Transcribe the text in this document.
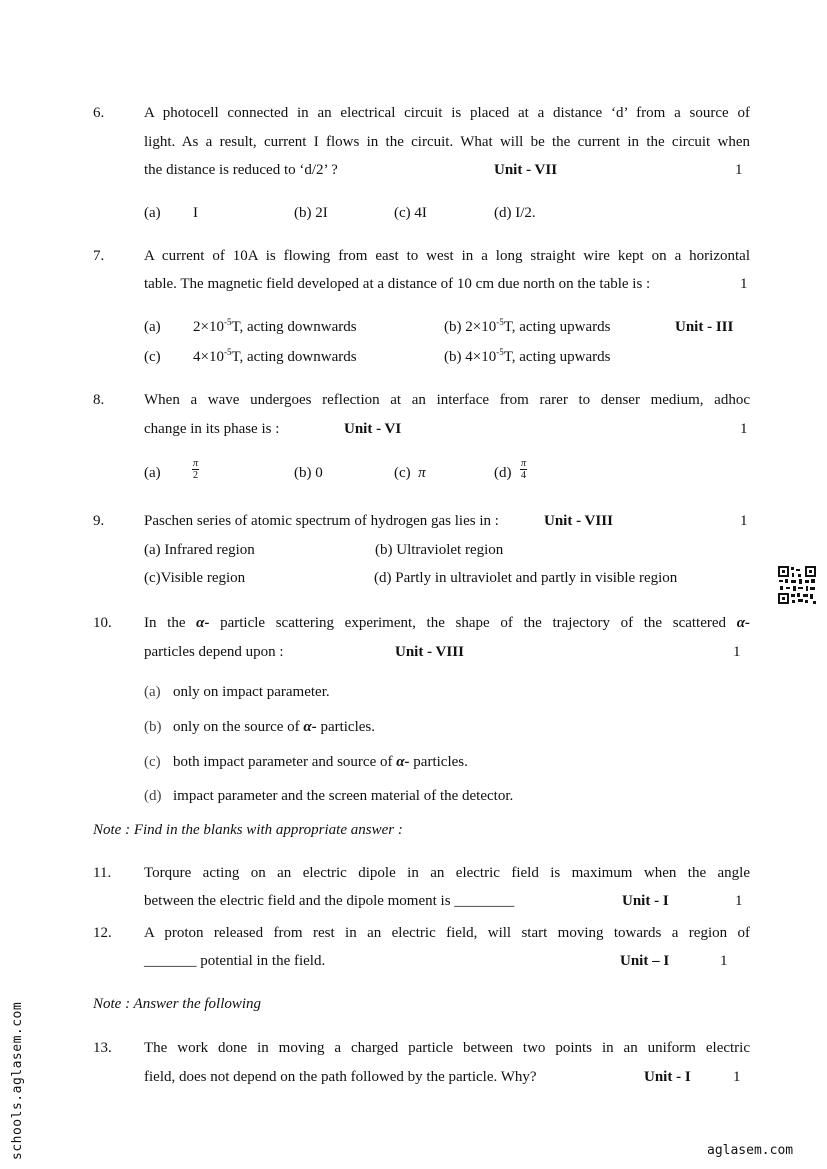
6.	A photocell connected in an electrical circuit is placed at a distance ‘d’ from a source of
light. As a result, current I flows in the circuit. What will be the current in the circuit when
the distance is reduced to ‘d/2’ ?	Unit - VII	1
(a) I	(b) 2I	(c) 4I	(d) I/2.
7.	A current of 10A is flowing from east to west in a long straight wire kept on a horizontal
table. The magnetic field developed at a distance of 10 cm due north on the table is :	1
(a) $2\times 10^{-5}T$, acting downwards	(b) $2\times 10^{-5}T$, acting upwards	Unit - III
(c) $4\times 10^{-5}T$, acting downwards	(b) $4\times 10^{-5}T$, acting upwards
8.	When a wave undergoes reflection at an interface from rarer to denser medium, adhoc
change in its phase is :	Unit - VI	1
(a)	$\frac{\pi}{2}$	(b) 0	(c) π	$(d) \frac{\pi}{4}$
9.	Paschen series of atomic spectrum of hydrogen gas lies in :	Unit - VIII	1
(a) Infrared region	(b) Ultraviolet region
(c)Visible region	(d) Partly in ultraviolet and partly in visible region
10. In the α- particle scattering experiment, the shape of the trajectory of the scattered α-
particles depend upon :	Unit - VIII	1
(a) only on impact parameter.
(b) only on the source of α- particles.
(c) both impact parameter and source of α- particles.
(d) impact parameter and the screen material of the detector.
Note : Find in the blanks with appropriate answer :
11. Torqure acting on an electric dipole in an electric field is maximum when the angle
between the electric field and the dipole moment is ________	Unit - I	1
12. A proton released from rest in an electric field, will start moving towards a region of
_______ potential in the field.	Unit – I	1
Note : Answer the following
13. The work done in moving a charged particle between two points in an uniform electric
field, does not depend on the path followed by the particle. Why?	Unit - I	1
schools.aglasem.com	aglasem.com
